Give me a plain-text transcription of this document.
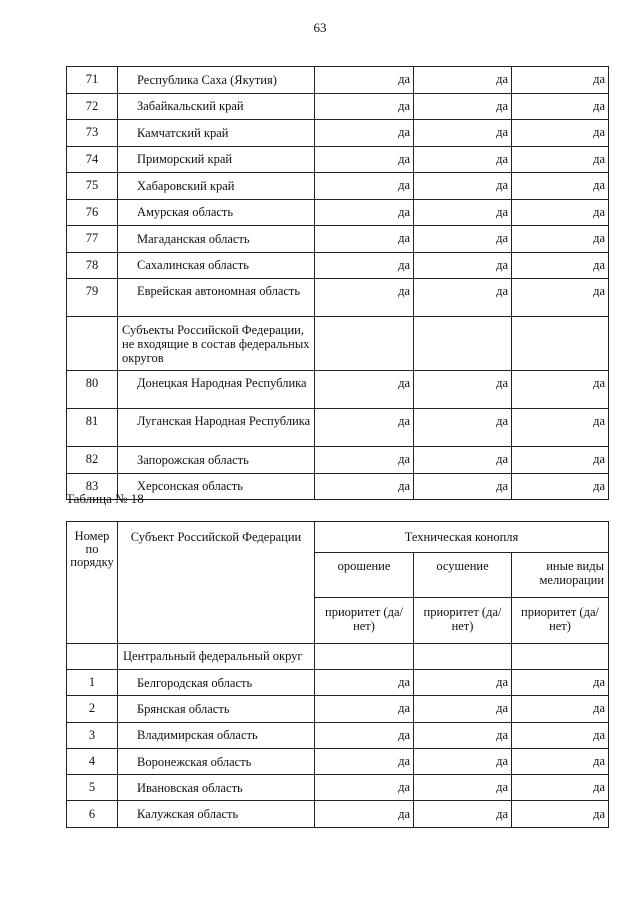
63
71	Республика Саха (Якутия)	да	да	да
72	Забайкальский край	да	да	да
73	Камчатский край	да	да	да
74	Приморский край	да	да	да
75	Хабаровский край	да	да	да
76	Амурская область	да	да	да
77	Магаданская область	да	да	да
78	Сахалинская область	да	да	да
79	Еврейская автономная область	да	да	да
	Субъекты Российской Федерации, не входящие в состав федеральных округов			
80	Донецкая Народная Республика	да	да	да
81	Луганская Народная Республика	да	да	да
82	Запорожская область	да	да	да
83	Херсонская область	да	да	да
Таблица № 18
Номер по порядку	Субъект Российской Федерации	Техническая конопля		
		орошение	осушение	иные виды мелиорации
		приоритет (да/нет)	приоритет (да/нет)	приоритет (да/нет)
	Центральный федеральный округ			
1	Белгородская область	да	да	да
2	Брянская область	да	да	да
3	Владимирская область	да	да	да
4	Воронежская область	да	да	да
5	Ивановская область	да	да	да
6	Калужская область	да	да	да
